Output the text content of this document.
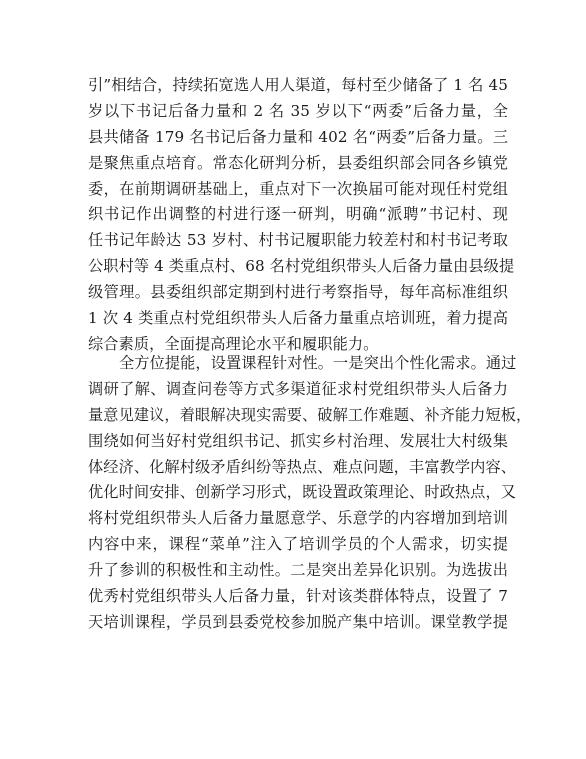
引”相结合，持续拓宽选人用人渠道，每村至少储备了 1 名 45
岁以下书记后备力量和 2 名 35 岁以下“两委”后备力量，全
县共储备 179 名书记后备力量和 402 名“两委”后备力量。三
是聚焦重点培育。常态化研判分析，县委组织部会同各乡镇党
委，在前期调研基础上，重点对下一次换届可能对现任村党组
织书记作出调整的村进行逐一研判，明确“派聘”书记村、现
任书记年龄达 53 岁村、村书记履职能力较差村和村书记考取
公职村等 4 类重点村、68 名村党组织带头人后备力量由县级提
级管理。县委组织部定期到村进行考察指导，每年高标准组织
1 次 4 类重点村党组织带头人后备力量重点培训班，着力提高
综合素质，全面提高理论水平和履职能力。
全方位提能，设置课程针对性。一是突出个性化需求。通过
调研了解、调查问卷等方式多渠道征求村党组织带头人后备力
量意见建议，着眼解决现实需要、破解工作难题、补齐能力短板，
围绕如何当好村党组织书记、抓实乡村治理、发展壮大村级集
体经济、化解村级矛盾纠纷等热点、难点问题，丰富教学内容、
优化时间安排、创新学习形式，既设置政策理论、时政热点，又
将村党组织带头人后备力量愿意学、乐意学的内容增加到培训
内容中来，课程“菜单”注入了培训学员的个人需求，切实提
升了参训的积极性和主动性。二是突出差异化识别。为选拔出
优秀村党组织带头人后备力量，针对该类群体特点，设置了 7
天培训课程，学员到县委党校参加脱产集中培训。课堂教学提
